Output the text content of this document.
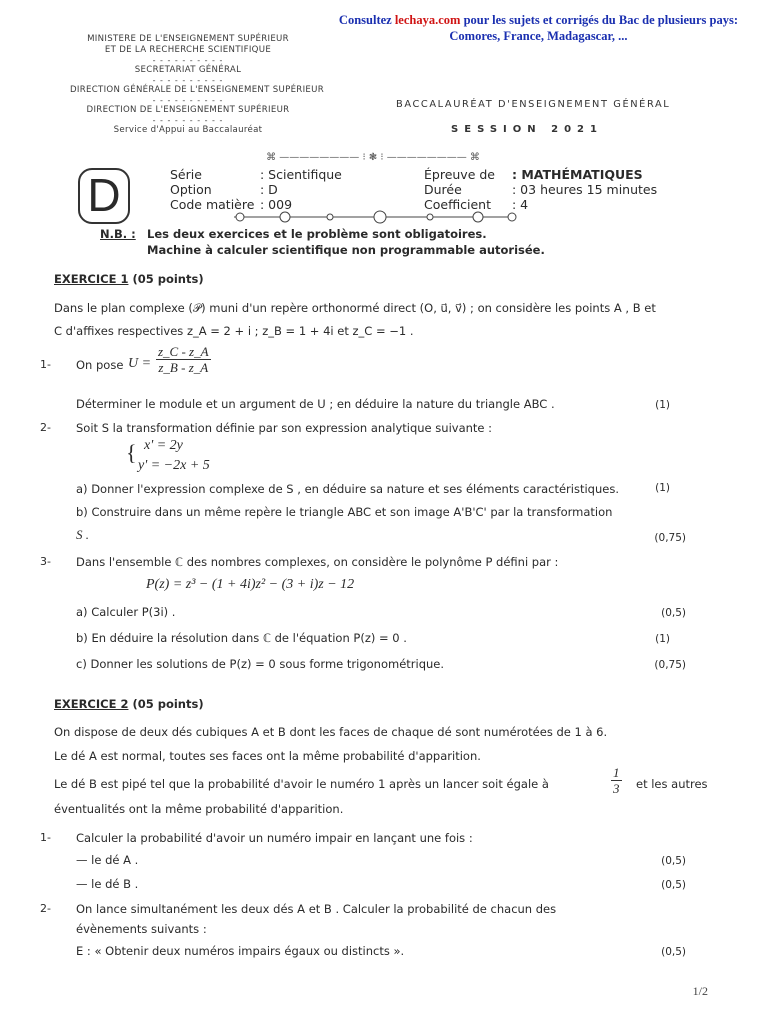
Consultez lechaya.com pour les sujets et corrigés du Bac de plusieurs pays:
Comores, France, Madagascar, ...
MINISTERE DE L'ENSEIGNEMENT SUPÉRIEUR
ET DE LA RECHERCHE SCIENTIFIQUE
- - - - - - - - - -
SECRETARIAT GÉNÉRAL
- - - - - - - - - -
DIRECTION GÉNÉRALE DE L'ENSEIGNEMENT SUPÉRIEUR
- - - - - - - - - -
DIRECTION DE L'ENSEIGNEMENT SUPÉRIEUR
- - - - - - - - - -
Service d'Appui au Baccalauréat
BACCALAURÉAT D'ENSEIGNEMENT GÉNÉRAL
SESSION 2021
⌘ ———————— ⁝ ❃ ⁝ ———————— ⌘
D	Série	: Scientifique
Option	: D
Code matière : 009
Épreuve de : MATHÉMATIQUES
Durée	: 03 heures 15 minutes
Coefficient : 4
N.B. : Les deux exercices et le problème sont obligatoires.
Machine à calculer scientifique non programmable autorisée.
EXERCICE 1 (05 points)
Dans le plan complexe (𝒫) muni d'un repère orthonormé direct (O, u⃗, v⃗) ; on considère les points A , B et
C d'affixes respectives z_A = 2 + i ; z_B = 1 + 4i et z_C = −1 .
1- On pose $U = \frac{z\_C - z\_A}{z\_B - z\_A}$
Déterminer le module et un argument de U ; en déduire la nature du triangle ABC .	(1)
2- Soit S la transformation définie par son expression analytique suivante :
{ x' = 2y
y' = −2x + 5
a) Donner l'expression complexe de S , en déduire sa nature et ses éléments caractéristiques.	(1)
b) Construire dans un même repère le triangle ABC et son image A'B'C' par la transformation
S .	(0,75)
3- Dans l'ensemble ℂ des nombres complexes, on considère le polynôme P défini par :
P(z) = z³ − (1 + 4i)z² − (3 + i)z − 12
a) Calculer P(3i) .	(0,5)
b) En déduire la résolution dans ℂ de l'équation P(z) = 0 .	(1)
c) Donner les solutions de P(z) = 0 sous forme trigonométrique.	(0,75)
EXERCICE 2 (05 points)
On dispose de deux dés cubiques A et B dont les faces de chaque dé sont numérotées de 1 à 6.
Le dé A est normal, toutes ses faces ont la même probabilité d'apparition.
Le dé B est pipé tel que la probabilité d'avoir le numéro 1 après un lancer soit égale à	$\frac{1}{3}$ et les autres
éventualités ont la même probabilité d'apparition.
1- Calculer la probabilité d'avoir un numéro impair en lançant une fois :
— le dé A .	(0,5)
— le dé B .	(0,5)
2- On lance simultanément les deux dés A et B . Calculer la probabilité de chacun des
évènements suivants :
E : « Obtenir deux numéros impairs égaux ou distincts ».	(0,5)
1/2
